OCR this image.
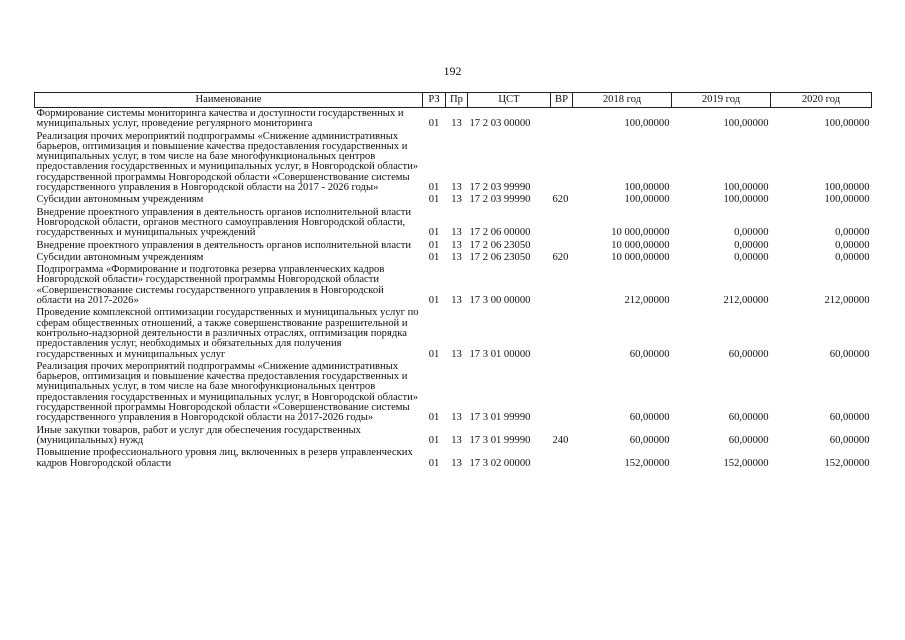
192
Наименование	РЗ	Пр	ЦСТ	ВР	2018 год	2019 год	2020 год
Формирование системы мониторинга качества и доступности государственных и муниципальных услуг, проведение регулярного мониторинга	01	13	17 2 03 00000		100,00000	100,00000	100,00000
Реализация прочих мероприятий подпрограммы «Снижение административных барьеров, оптимизация и повышение качества предоставления государственных и муниципальных услуг, в том числе на базе многофункциональных центров предоставления государственных и муниципальных услуг, в Новгородской области» государственной программы Новгородской области «Совершенствование системы государственного управления в Новгородской области на 2017 - 2026 годы»	01	13	17 2 03 99990		100,00000	100,00000	100,00000
Субсидии автономным учреждениям	01	13	17 2 03 99990	620	100,00000	100,00000	100,00000
Внедрение проектного управления в деятельность органов исполнительной власти Новгородской области, органов местного самоуправления Новгородской области, государственных и муниципальных учреждений	01	13	17 2 06 00000		10 000,00000	0,00000	0,00000
Внедрение проектного управления в деятельность органов исполнительной власти	01	13	17 2 06 23050		10 000,00000	0,00000	0,00000
Субсидии автономным учреждениям	01	13	17 2 06 23050	620	10 000,00000	0,00000	0,00000
Подпрограмма «Формирование и подготовка резерва управленческих кадров Новгородской области» государственной программы Новгородской области «Совершенствование системы государственного управления в Новгородской области на 2017-2026»	01	13	17 3 00 00000		212,00000	212,00000	212,00000
Проведение комплексной оптимизации государственных и муниципальных услуг по сферам общественных отношений, а также совершенствование разрешительной и контрольно-надзорной деятельности в различных отраслях, оптимизация порядка предоставления услуг, необходимых и обязательных для получения государственных и муниципальных услуг	01	13	17 3 01 00000		60,00000	60,00000	60,00000
Реализация прочих мероприятий подпрограммы «Снижение административных барьеров, оптимизация и повышение качества предоставления государственных и муниципальных услуг, в том числе на базе многофункциональных центров предоставления государственных и муниципальных услуг, в Новгородской области» государственной программы Новгородской области «Совершенствование системы государственного управления в Новгородской области на 2017-2026 годы»	01	13	17 3 01 99990		60,00000	60,00000	60,00000
Иные закупки товаров, работ и услуг для обеспечения государственных (муниципальных) нужд	01	13	17 3 01 99990	240	60,00000	60,00000	60,00000
Повышение профессионального уровня лиц, включенных в резерв управленческих кадров Новгородской области	01	13	17 3 02 00000		152,00000	152,00000	152,00000
